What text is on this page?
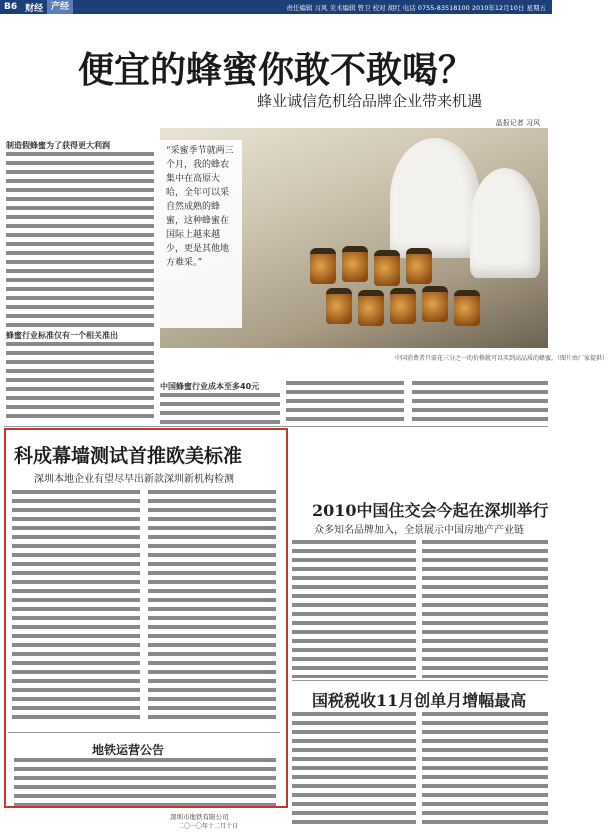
B6 财经 产经	责任编辑 习风 美术编辑 曾卫 校对 胡红 电话 0755-83518100 2010年12月10日 星期五
便宜的蜂蜜你敢不敢喝？
蜂业诚信危机给品牌企业带来机遇
晶报记者 习风
制造假蜂蜜为了获得更大利润
蜂蜜行业标准仅有一个相关准出
“采蜜季节就两三个月，我的蜂农集中在高原大哈，全年可以采自然成熟的蜂蜜，这种蜂蜜在国际上越来越少，更是其他地方难采。”
中国消费者只需花三分之一的价格就可以买到高品质的蜂蜜。（图片由厂家提供）
中国蜂蜜行业成本至多40元
科成幕墙测试首推欧美标准
深圳本地企业有望尽早出新款深圳新机构检测
地铁运营公告
深圳市地铁有限公司
二〇一〇年十二月十日
2010中国住交会今起在深圳举行
众多知名品牌加入，全景展示中国房地产产业链
国税税收11月创单月增幅最高
